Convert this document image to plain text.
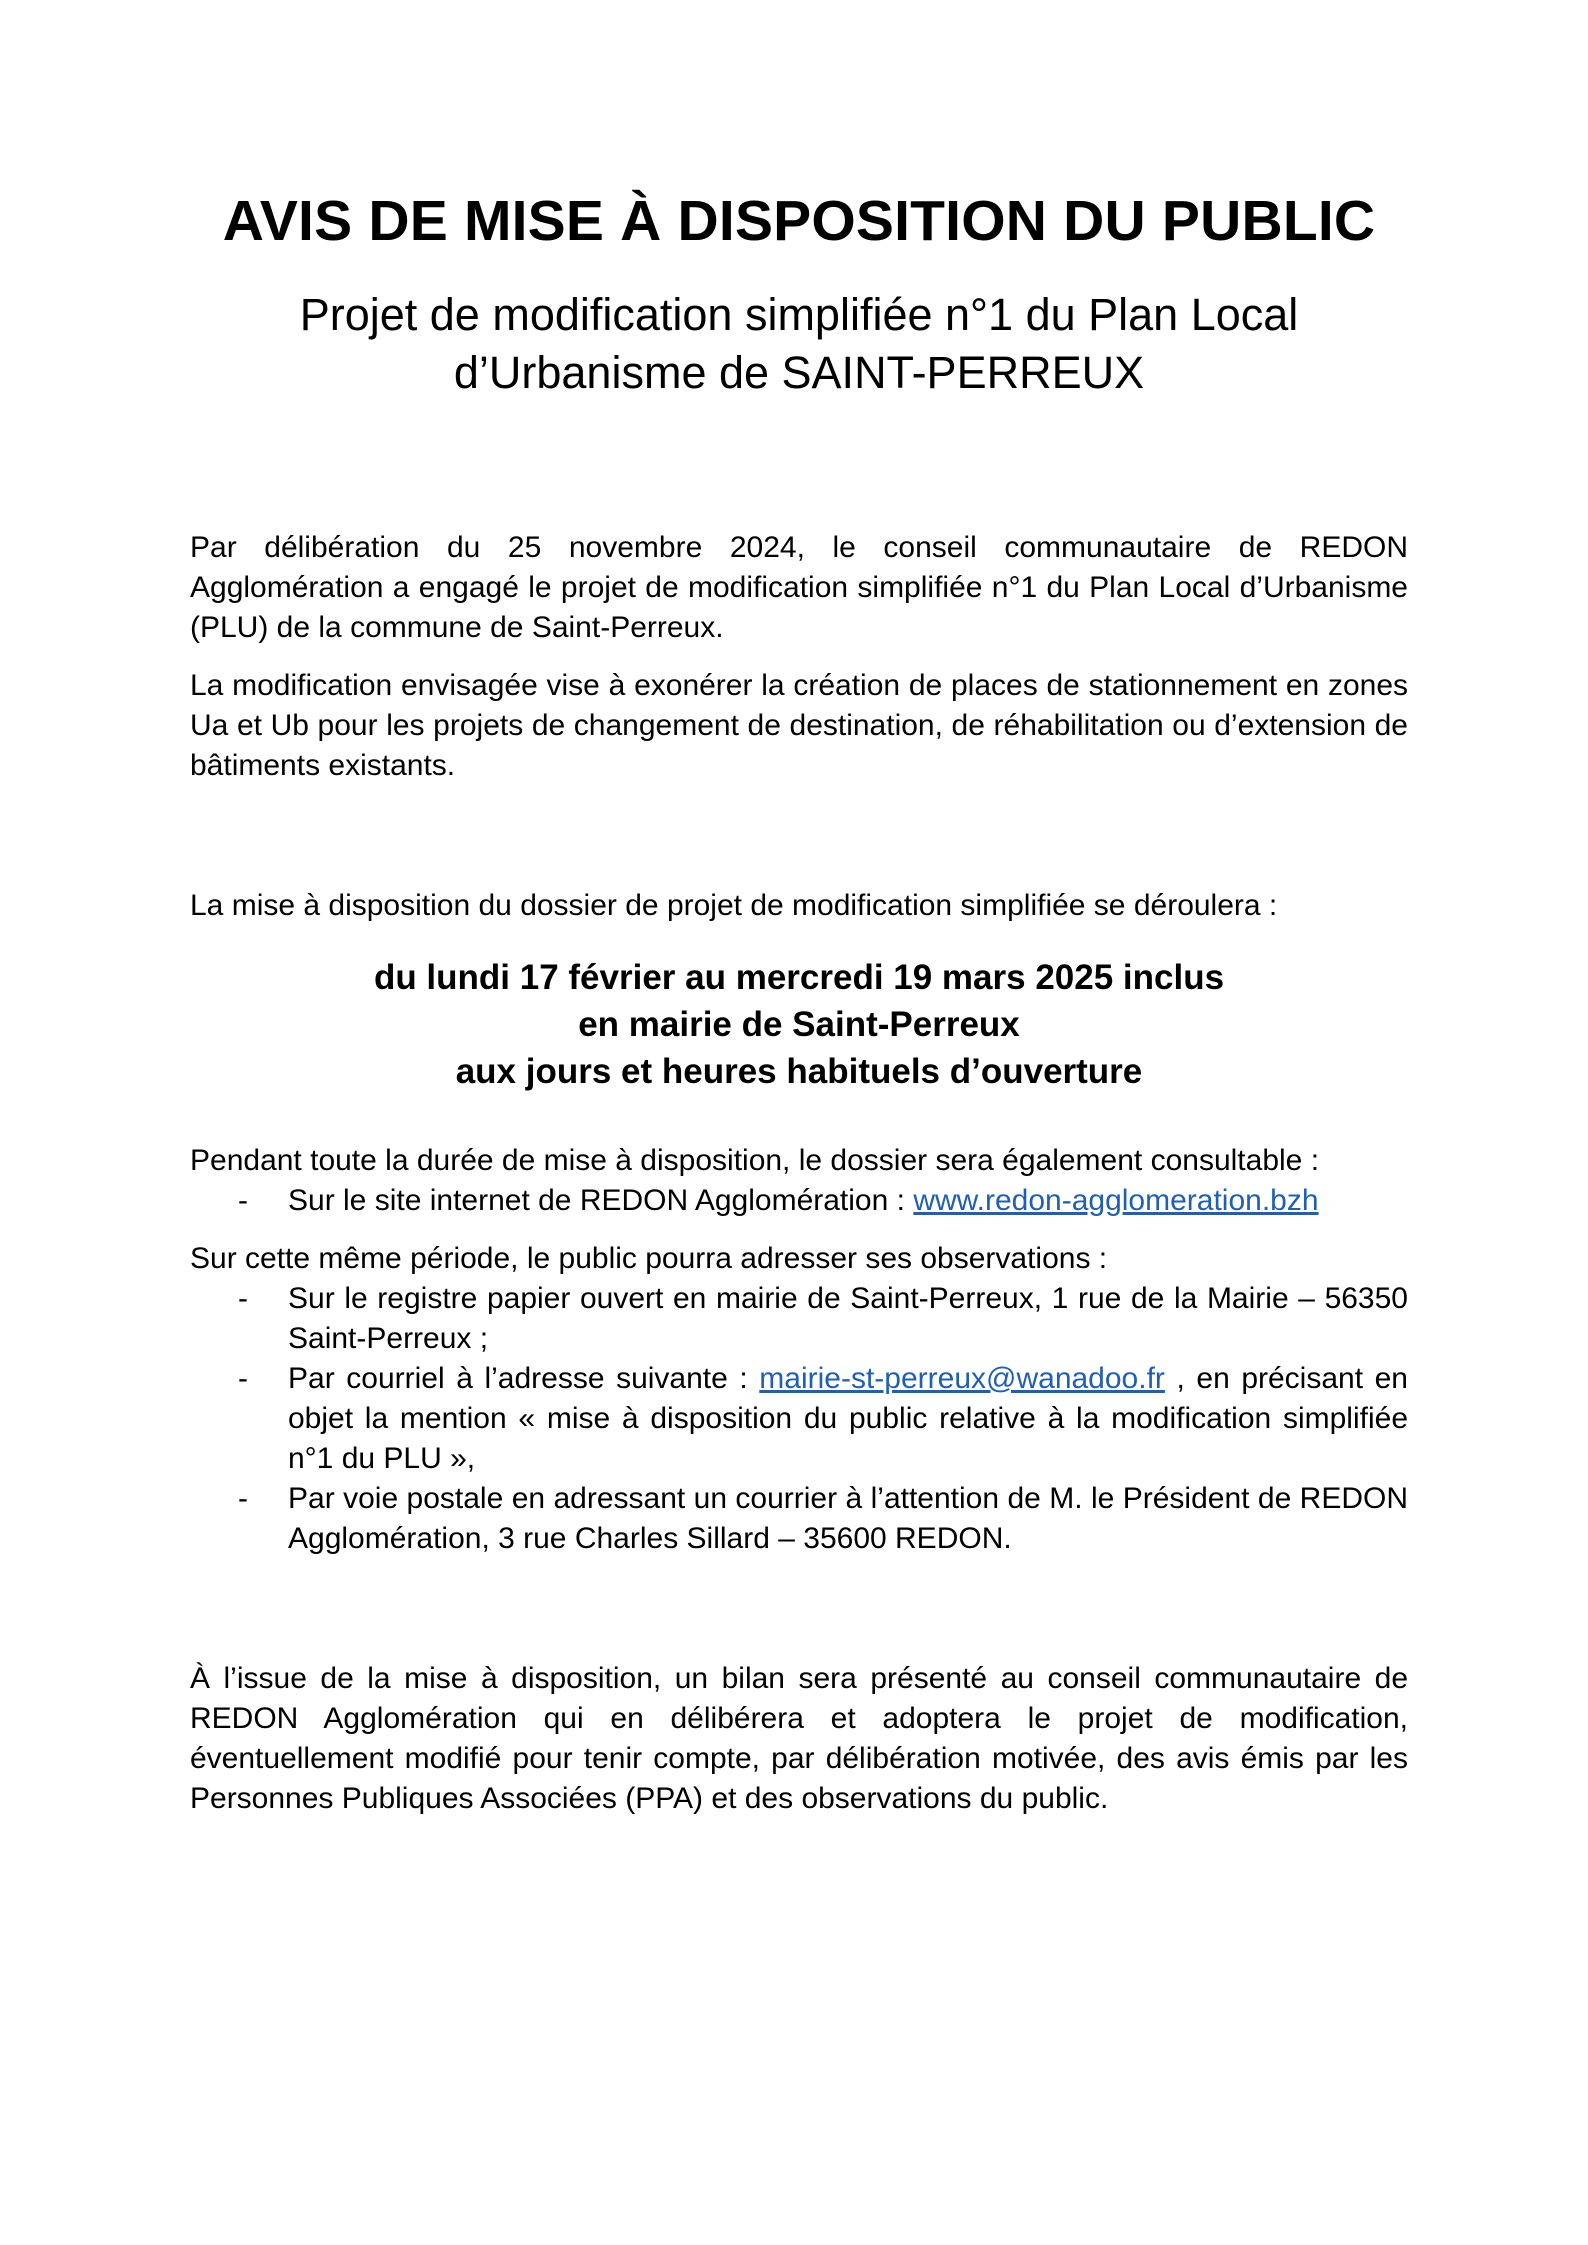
AVIS DE MISE À DISPOSITION DU PUBLIC
Projet de modification simplifiée n°1 du Plan Local
d’Urbanisme de SAINT-PERREUX

Par délibération du 25 novembre 2024, le conseil communautaire de REDON Agglomération a engagé le projet de modification simplifiée n°1 du Plan Local d’Urbanisme (PLU) de la commune de Saint-Perreux.

La modification envisagée vise à exonérer la création de places de stationnement en zones Ua et Ub pour les projets de changement de destination, de réhabilitation ou d’extension de bâtiments existants.

La mise à disposition du dossier de projet de modification simplifiée se déroulera :

du lundi 17 février au mercredi 19 mars 2025 inclus
en mairie de Saint-Perreux
aux jours et heures habituels d’ouverture

Pendant toute la durée de mise à disposition, le dossier sera également consultable :

- Sur le site internet de REDON Agglomération : www.redon-agglomeration.bzh

Sur cette même période, le public pourra adresser ses observations :

- Sur le registre papier ouvert en mairie de Saint-Perreux, 1 rue de la Mairie – 56350 Saint-Perreux ;
- Par courriel à l’adresse suivante : mairie-st-perreux@wanadoo.fr , en précisant en objet la mention « mise à disposition du public relative à la modification simplifiée n°1 du PLU »,
- Par voie postale en adressant un courrier à l’attention de M. le Président de REDON Agglomération, 3 rue Charles Sillard – 35600 REDON.

À l’issue de la mise à disposition, un bilan sera présenté au conseil communautaire de REDON Agglomération qui en délibérera et adoptera le projet de modification, éventuellement modifié pour tenir compte, par délibération motivée, des avis émis par les Personnes Publiques Associées (PPA) et des observations du public.
